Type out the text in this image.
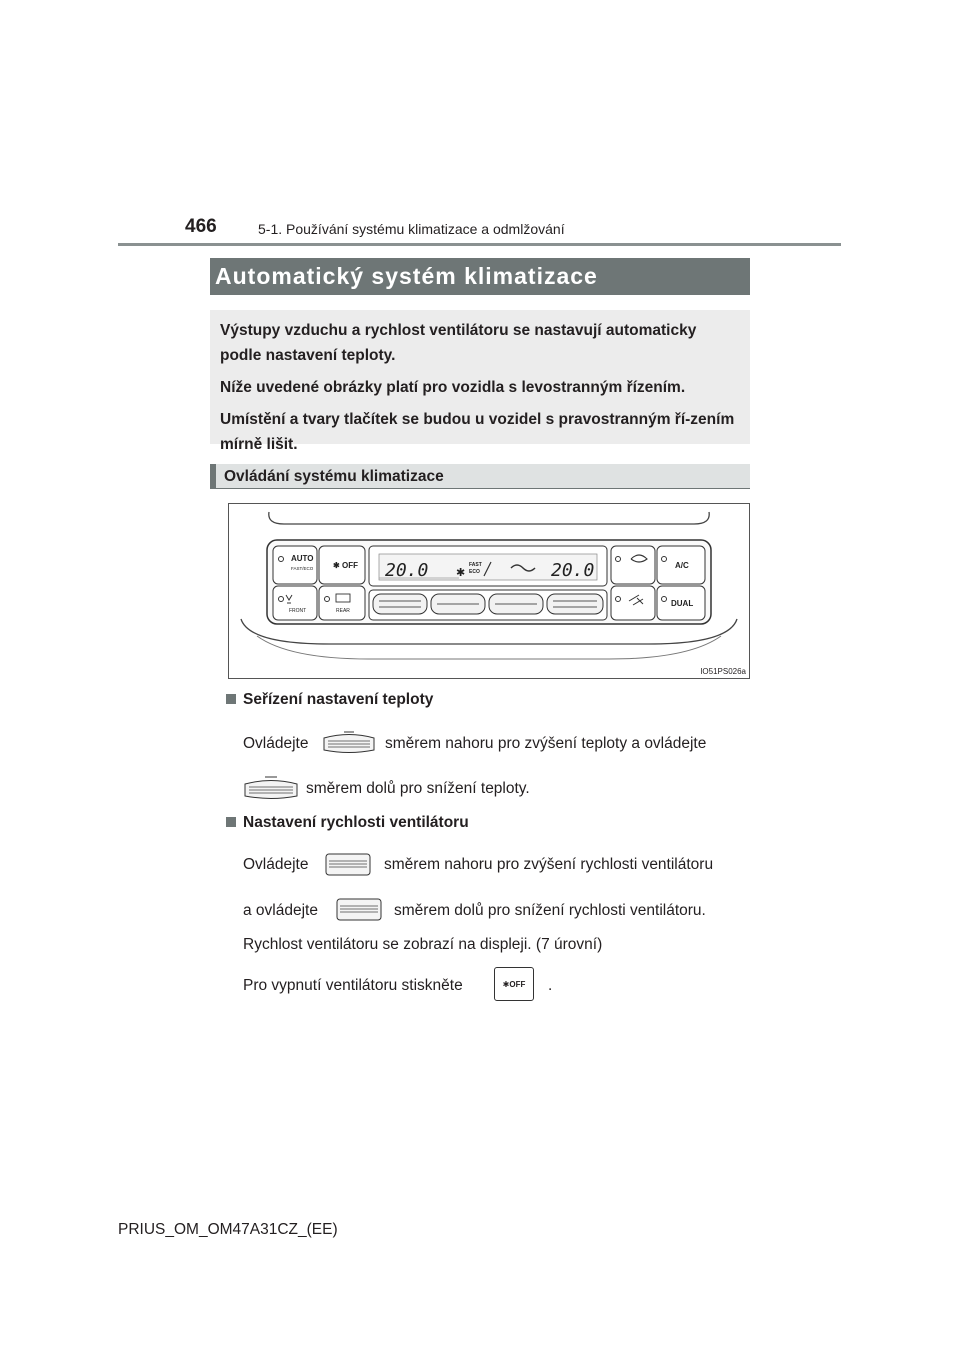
466	5-1. Používání systému klimatizace a odmlžování
Automatický systém klimatizace

Výstupy vzduchu a rychlost ventilátoru se nastavují automaticky podle nastavení teploty.

Níže uvedené obrázky platí pro vozidla s levostranným řízením.

Umístění a tvary tlačítek se budou u vozidel s pravostranným ří-zením mírně lišit.

Ovládání systému klimatizace
AUTO
FAST/ECO ✱ OFF	A/C
FRONT	REAR
DUAL
20.0	20.0
✱
FAST
ECO
IO51PS026a
Seřízení nastavení teploty
Ovládejte	směrem nahoru pro zvýšení teploty a ovládejte
směrem dolů pro snížení teploty.
Nastavení rychlosti ventilátoru
Ovládejte	směrem nahoru pro zvýšení rychlosti ventilátoru
a ovládejte	směrem dolů pro snížení rychlosti ventilátoru.
Rychlost ventilátoru se zobrazí na displeji. (7 úrovní)
Pro vypnutí ventilátoru stiskněte	✱OFF	.
PRIUS_OM_OM47A31CZ_(EE)
